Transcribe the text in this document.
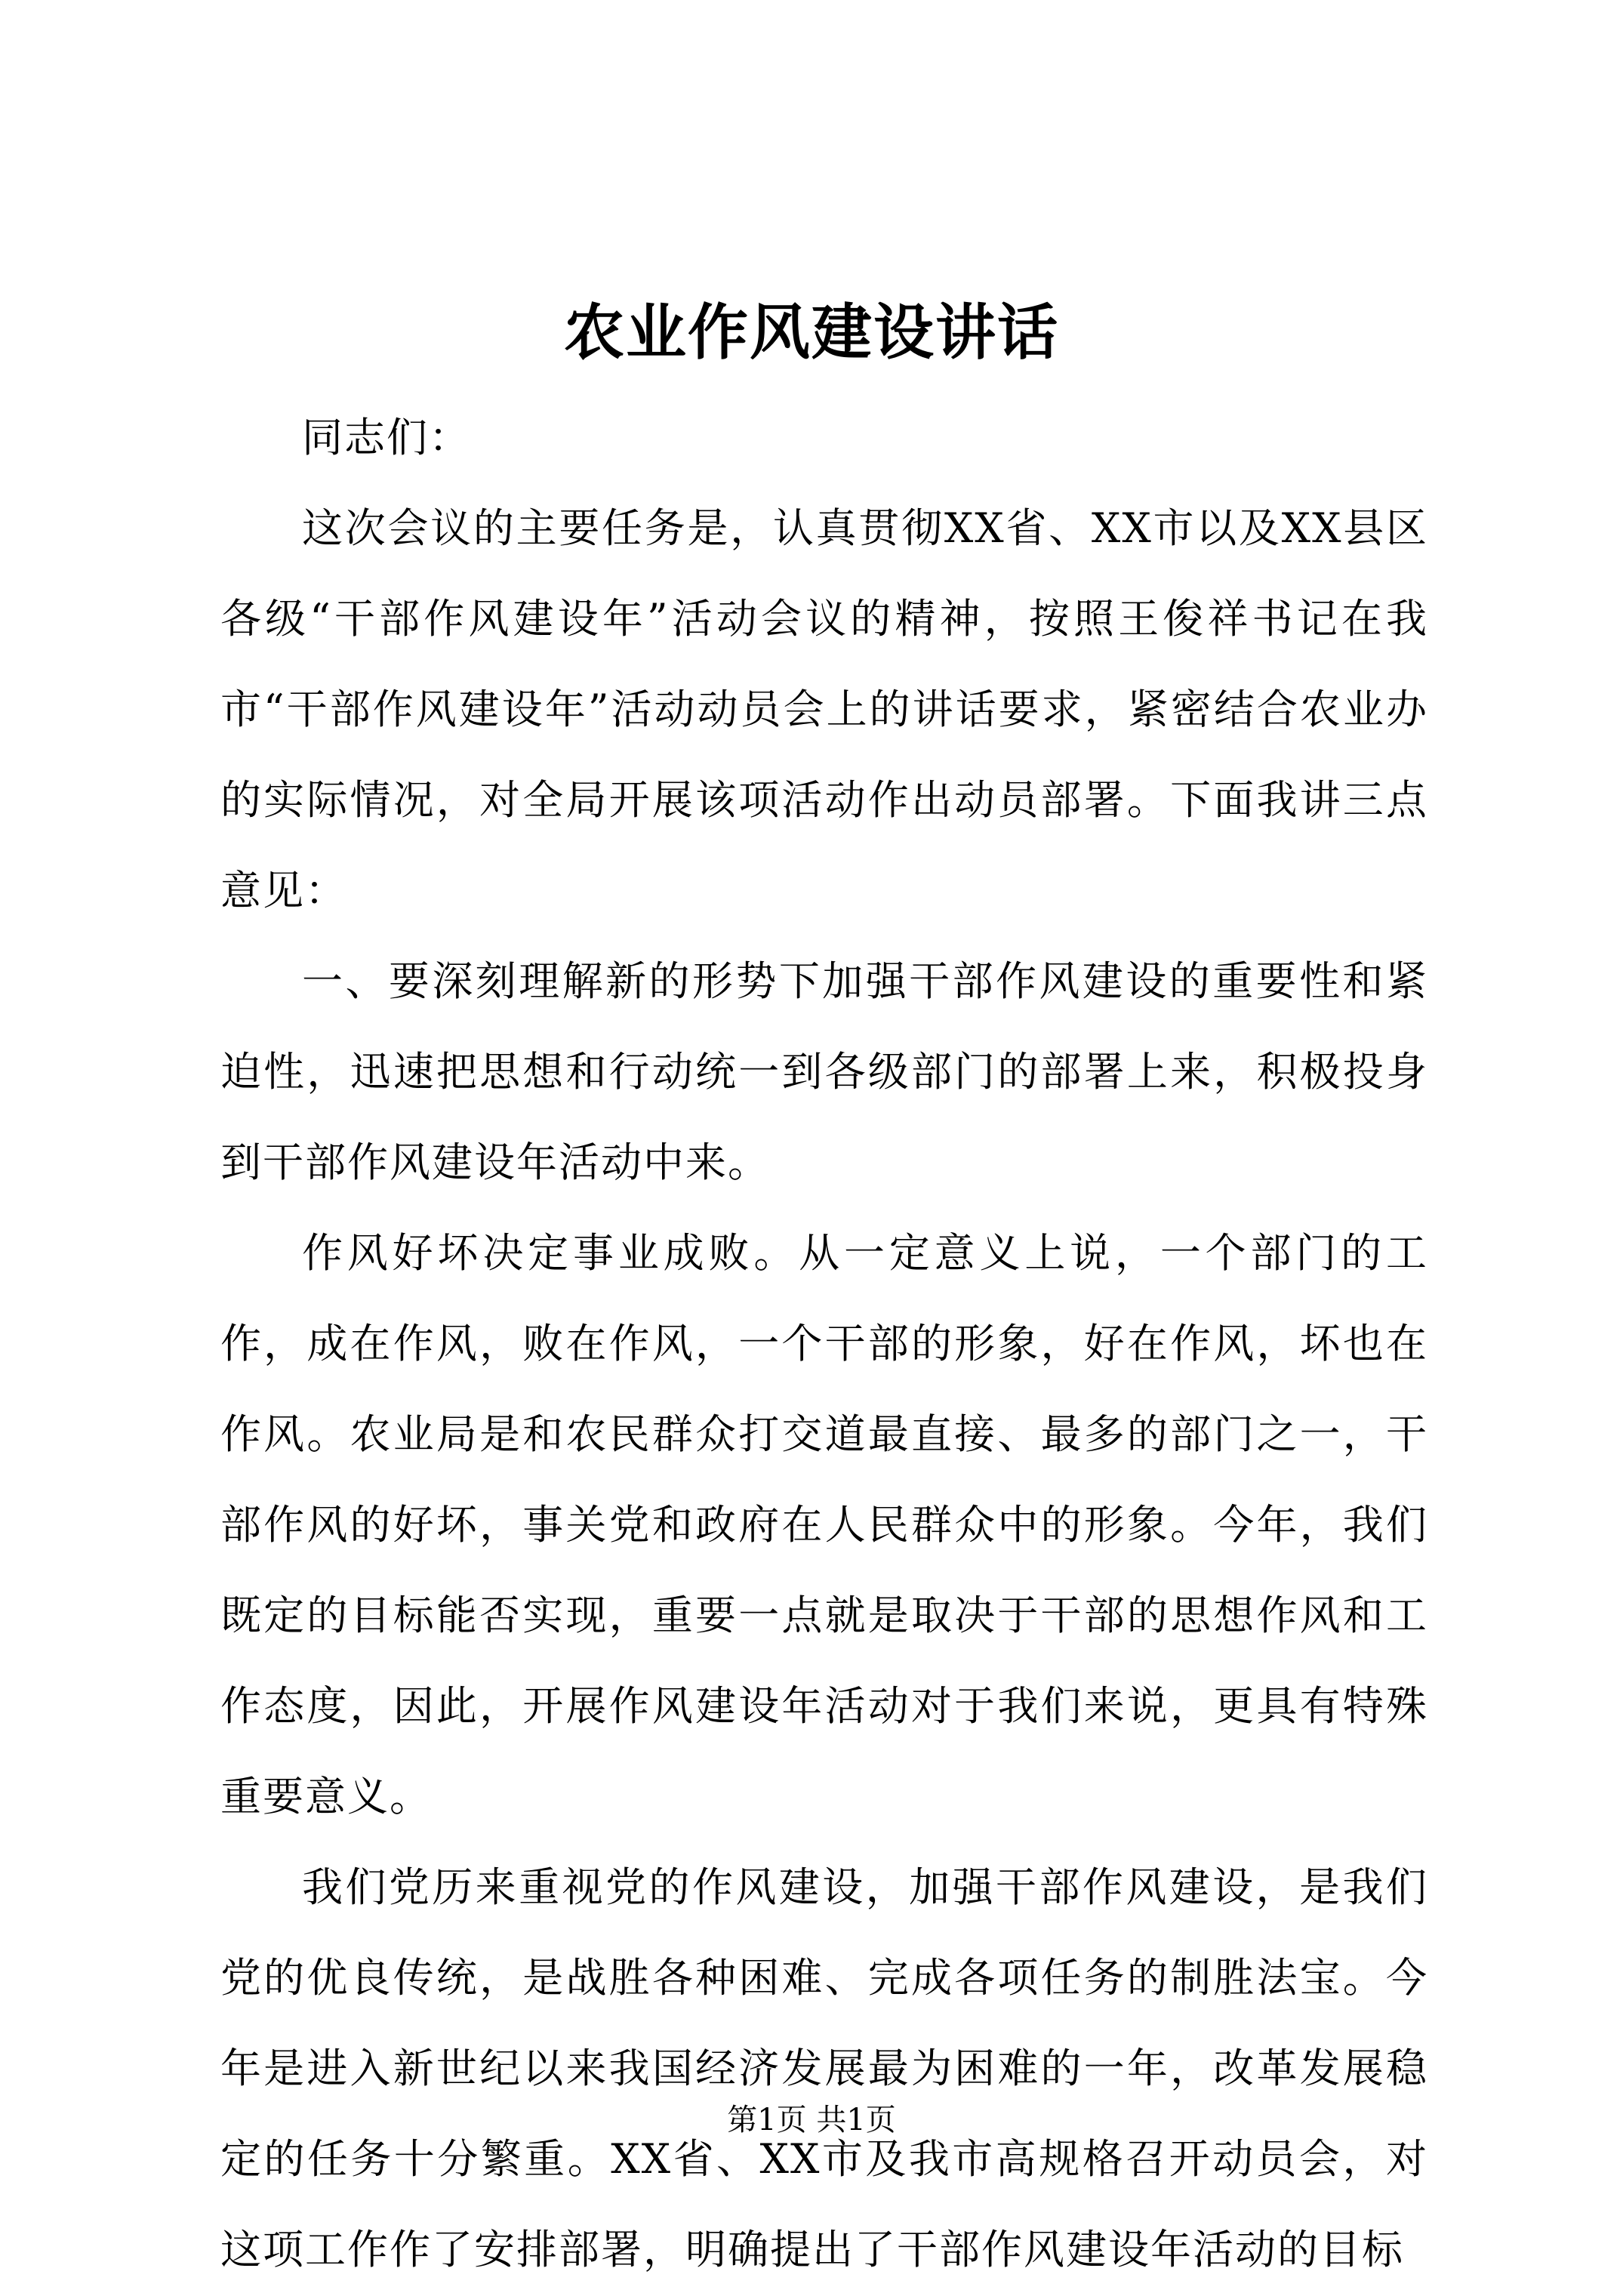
农业作风建设讲话

同志们：

这次会议的主要任务是，认真贯彻XX省、XX市以及XX县区各级“干部作风建设年”活动会议的精神，按照王俊祥书记在我市“干部作风建设年”活动动员会上的讲话要求，紧密结合农业办的实际情况，对全局开展该项活动作出动员部署。下面我讲三点意见：

一、要深刻理解新的形势下加强干部作风建设的重要性和紧迫性，迅速把思想和行动统一到各级部门的部署上来，积极投身到干部作风建设年活动中来。

作风好坏决定事业成败。从一定意义上说，一个部门的工作，成在作风，败在作风，一个干部的形象，好在作风，坏也在作风。农业局是和农民群众打交道最直接、最多的部门之一，干部作风的好坏，事关党和政府在人民群众中的形象。今年，我们既定的目标能否实现，重要一点就是取决于干部的思想作风和工作态度，因此，开展作风建设年活动对于我们来说，更具有特殊重要意义。

我们党历来重视党的作风建设，加强干部作风建设，是我们党的优良传统，是战胜各种困难、完成各项任务的制胜法宝。今年是进入新世纪以来我国经济发展最为困难的一年，改革发展稳定的任务十分繁重。XX省、XX市及我市高规格召开动员会，对这项工作作了安排部署，明确提出了干部作风建设年活动的目标

第1页 共1页
